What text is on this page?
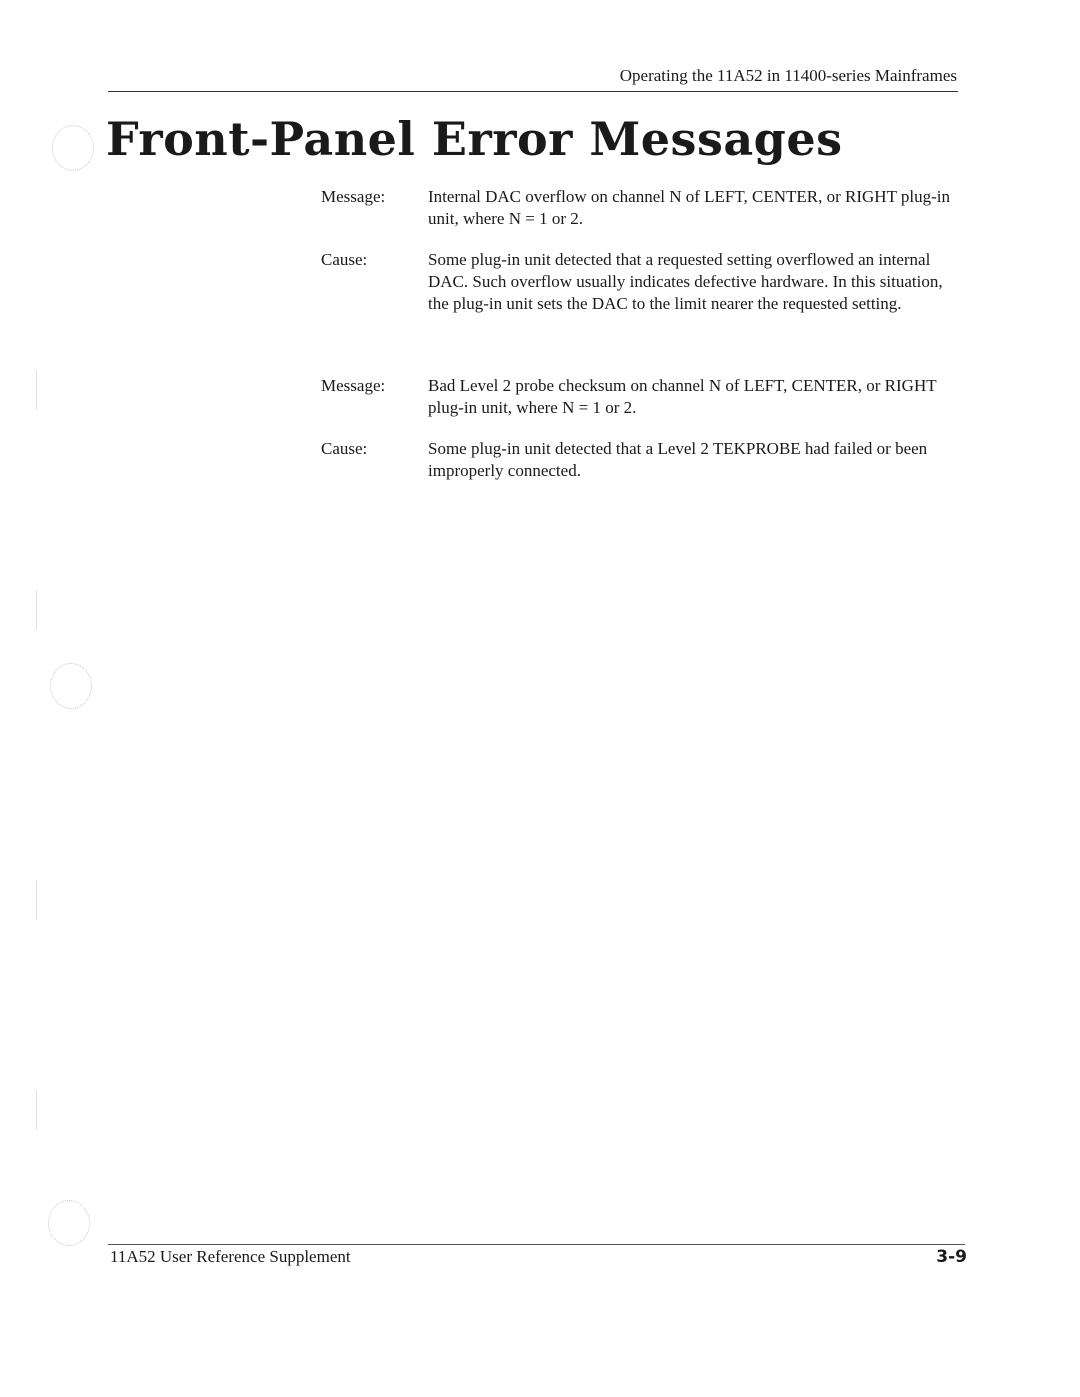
Operating the 11A52 in 11400-series Mainframes
Front-Panel Error Messages
Message:	Internal DAC overflow on channel N of LEFT, CENTER, or RIGHT plug-in unit, where N = 1 or 2.
Cause:	Some plug-in unit detected that a requested setting overflowed an internal DAC. Such overflow usually indicates defective hardware. In this situation, the plug-in unit sets the DAC to the limit nearer the requested setting.
Message:	Bad Level 2 probe checksum on channel N of LEFT, CENTER, or RIGHT plug-in unit, where N = 1 or 2.
Cause:	Some plug-in unit detected that a Level 2 TEKPROBE had failed or been improperly connected.
11A52 User Reference Supplement	3-9
